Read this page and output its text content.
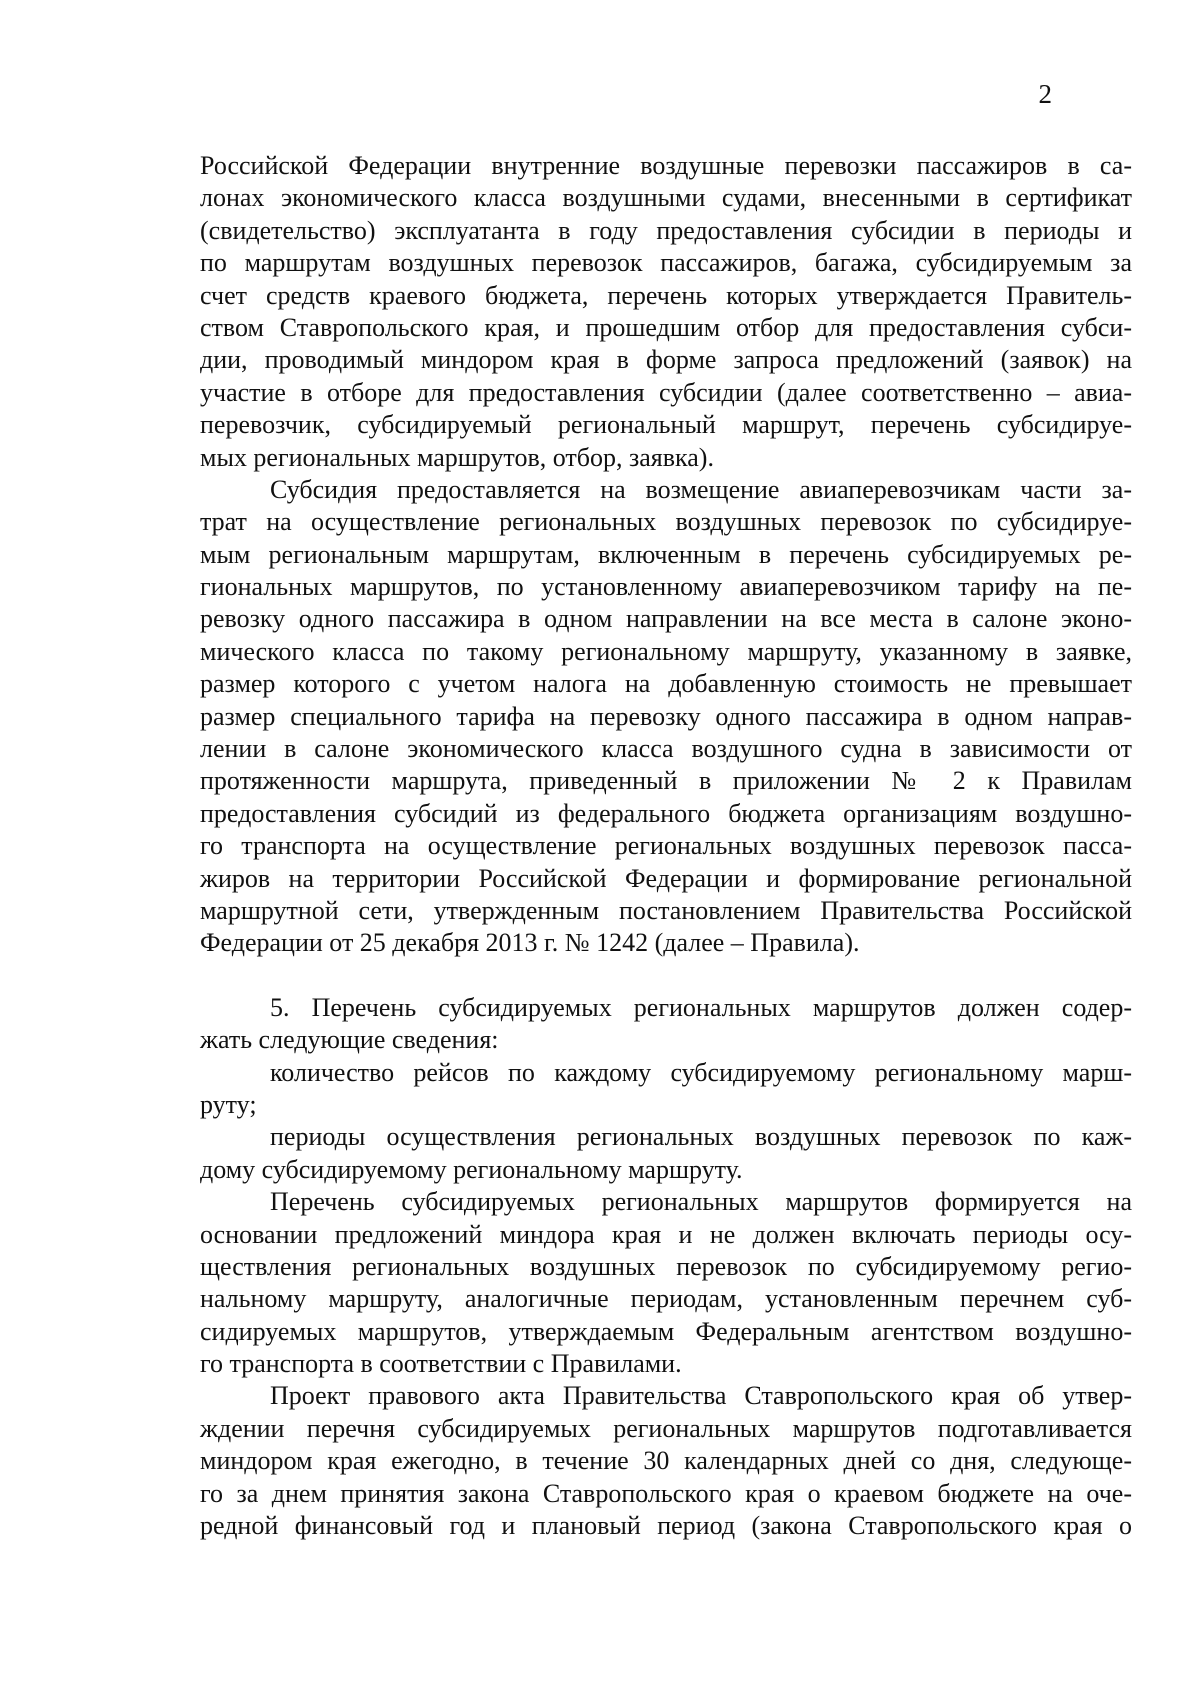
2
Российской Федерации внутренние воздушные перевозки пассажиров в са-
лонах экономического класса воздушными судами, внесенными в сертификат
(свидетельство) эксплуатанта в году предоставления субсидии в периоды и
по маршрутам воздушных перевозок пассажиров, багажа, субсидируемым за
счет средств краевого бюджета, перечень которых утверждается Правитель-
ством Ставропольского края, и прошедшим отбор для предоставления субси-
дии, проводимый миндором края в форме запроса предложений (заявок) на
участие в отборе для предоставления субсидии (далее соответственно – авиа-
перевозчик, субсидируемый региональный маршрут, перечень субсидируе-
мых региональных маршрутов, отбор, заявка).
Субсидия предоставляется на возмещение авиаперевозчикам части за-
трат на осуществление региональных воздушных перевозок по субсидируе-
мым региональным маршрутам, включенным в перечень субсидируемых ре-
гиональных маршрутов, по установленному авиаперевозчиком тарифу на пе-
ревозку одного пассажира в одном направлении на все места в салоне эконо-
мического класса по такому региональному маршруту, указанному в заявке,
размер которого с учетом налога на добавленную стоимость не превышает
размер специального тарифа на перевозку одного пассажира в одном направ-
лении в салоне экономического класса воздушного судна в зависимости от
протяженности маршрута, приведенный в приложении № 2 к Правилам
предоставления субсидий из федерального бюджета организациям воздушно-
го транспорта на осуществление региональных воздушных перевозок пасса-
жиров на территории Российской Федерации и формирование региональной
маршрутной сети, утвержденным постановлением Правительства Российской
Федерации от 25 декабря 2013 г. № 1242 (далее – Правила).
5. Перечень субсидируемых региональных маршрутов должен содер-
жать следующие сведения:
количество рейсов по каждому субсидируемому региональному марш-
руту;
периоды осуществления региональных воздушных перевозок по каж-
дому субсидируемому региональному маршруту.
Перечень субсидируемых региональных маршрутов формируется на
основании предложений миндора края и не должен включать периоды осу-
ществления региональных воздушных перевозок по субсидируемому регио-
нальному маршруту, аналогичные периодам, установленным перечнем суб-
сидируемых маршрутов, утверждаемым Федеральным агентством воздушно-
го транспорта в соответствии с Правилами.
Проект правового акта Правительства Ставропольского края об утвер-
ждении перечня субсидируемых региональных маршрутов подготавливается
миндором края ежегодно, в течение 30 календарных дней со дня, следующе-
го за днем принятия закона Ставропольского края о краевом бюджете на оче-
редной финансовый год и плановый период (закона Ставропольского края о
